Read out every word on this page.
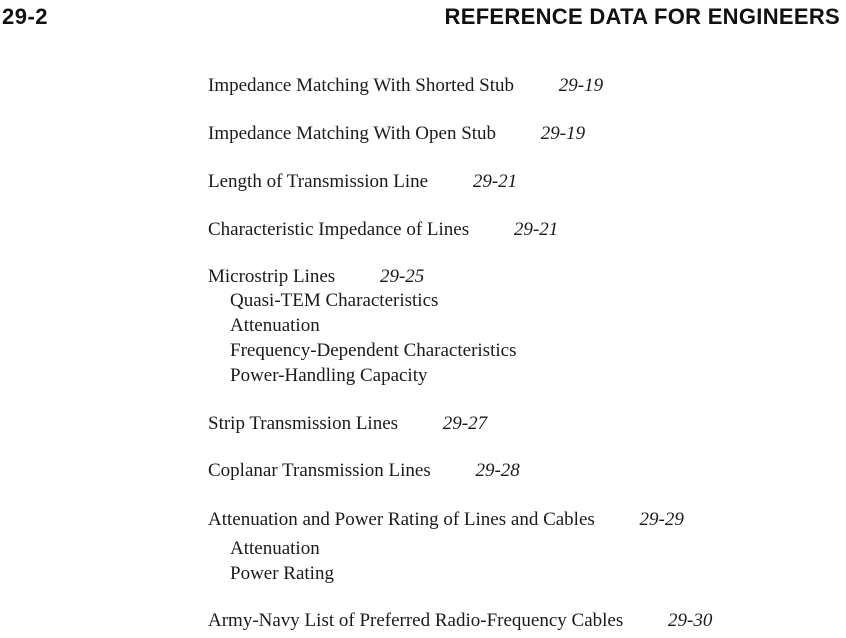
29-2	REFERENCE DATA FOR ENGINEERS
Impedance Matching With Shorted Stub 29-19
Impedance Matching With Open Stub 29-19
Length of Transmission Line 29-21
Characteristic Impedance of Lines 29-21
Microstrip Lines 29-25
Quasi-TEM Characteristics
Attenuation
Frequency-Dependent Characteristics
Power-Handling Capacity
Strip Transmission Lines 29-27
Coplanar Transmission Lines 29-28
Attenuation and Power Rating of Lines and Cables 29-29
Attenuation
Power Rating
Army-Navy List of Preferred Radio-Frequency Cables 29-30
